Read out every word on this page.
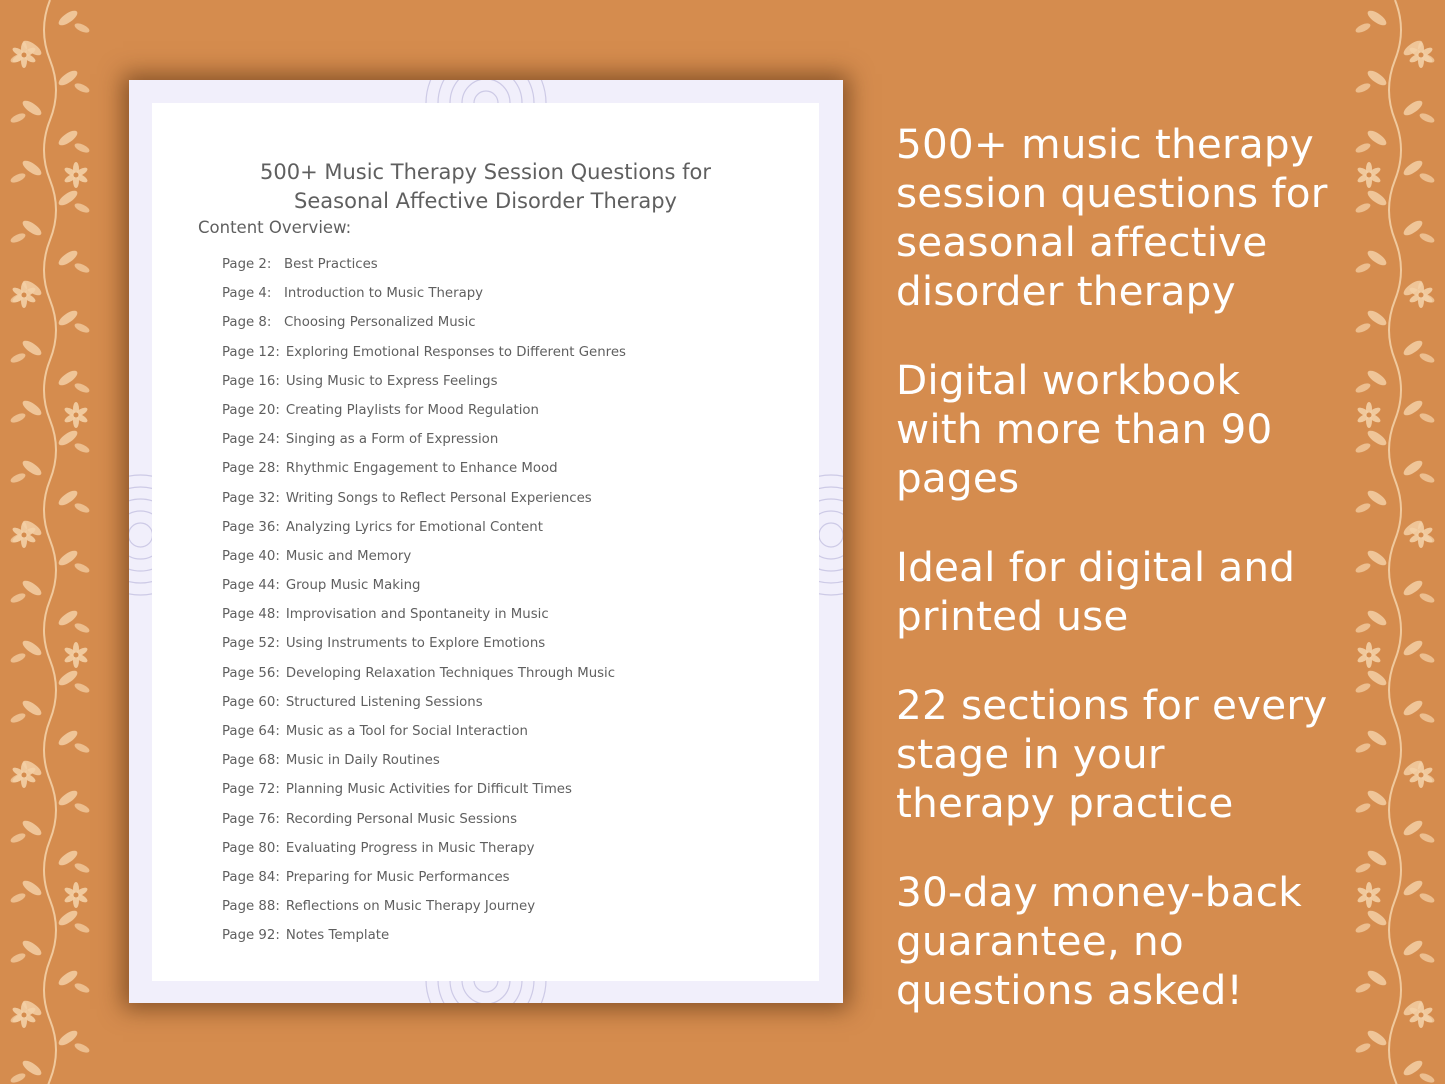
500+ Music Therapy Session Questions for
Seasonal Affective Disorder Therapy
Content Overview:
Page 2: Best Practices
Page 4: Introduction to Music Therapy
Page 8: Choosing Personalized Music
Page 12: Exploring Emotional Responses to Different Genres
Page 16: Using Music to Express Feelings
Page 20: Creating Playlists for Mood Regulation
Page 24: Singing as a Form of Expression
Page 28: Rhythmic Engagement to Enhance Mood
Page 32: Writing Songs to Reflect Personal Experiences
Page 36: Analyzing Lyrics for Emotional Content
Page 40: Music and Memory
Page 44: Group Music Making
Page 48: Improvisation and Spontaneity in Music
Page 52: Using Instruments to Explore Emotions
Page 56: Developing Relaxation Techniques Through Music
Page 60: Structured Listening Sessions
Page 64: Music as a Tool for Social Interaction
Page 68: Music in Daily Routines
Page 72: Planning Music Activities for Difficult Times
Page 76: Recording Personal Music Sessions
Page 80: Evaluating Progress in Music Therapy
Page 84: Preparing for Music Performances
Page 88: Reflections on Music Therapy Journey
Page 92: Notes Template

500+ music therapy session questions for seasonal affective disorder therapy

Digital workbook with more than 90 pages

Ideal for digital and printed use

22 sections for every stage in your therapy practice

30-day money-back guarantee, no questions asked!
